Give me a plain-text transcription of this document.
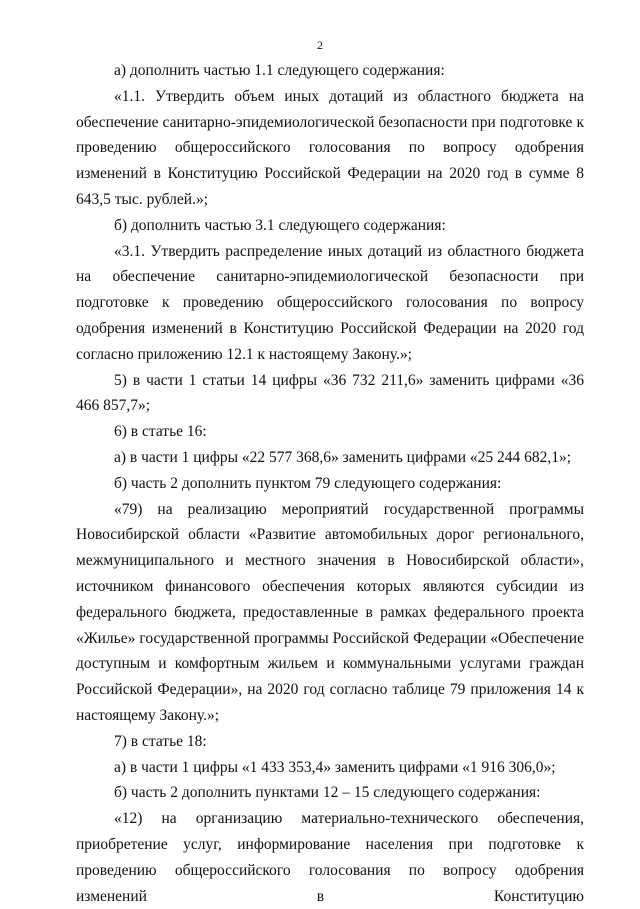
2

а) дополнить частью 1.1 следующего содержания:

«1.1. Утвердить объем иных дотаций из областного бюджета на обеспечение санитарно-эпидемиологической безопасности при подготовке к проведению общероссийского голосования по вопросу одобрения изменений в Конституцию Российской Федерации на 2020 год в сумме 8 643,5 тыс. рублей.»;

б) дополнить частью 3.1 следующего содержания:

«3.1. Утвердить распределение иных дотаций из областного бюджета на обеспечение санитарно-эпидемиологической безопасности при подготовке к проведению общероссийского голосования по вопросу одобрения изменений в Конституцию Российской Федерации на 2020 год согласно приложению 12.1 к настоящему Закону.»;

5) в части 1 статьи 14 цифры «36 732 211,6» заменить цифрами «36 466 857,7»;

6) в статье 16:

а) в части 1 цифры «22 577 368,6» заменить цифрами «25 244 682,1»;

б) часть 2 дополнить пунктом 79 следующего содержания:

«79) на реализацию мероприятий государственной программы Новосибирской области «Развитие автомобильных дорог регионального, межмуниципального и местного значения в Новосибирской области», источником финансового обеспечения которых являются субсидии из федерального бюджета, предоставленные в рамках федерального проекта «Жилье» государственной программы Российской Федерации «Обеспечение доступным и комфортным жильем и коммунальными услугами граждан Российской Федерации», на 2020 год согласно таблице 79 приложения 14 к настоящему Закону.»;

7) в статье 18:

а) в части 1 цифры «1 433 353,4» заменить цифрами «1 916 306,0»;

б) часть 2 дополнить пунктами 12 – 15 следующего содержания:

«12) на организацию материально-технического обеспечения, приобретение услуг, информирование населения при подготовке к проведению общероссийского голосования по вопросу одобрения изменений в Конституцию
